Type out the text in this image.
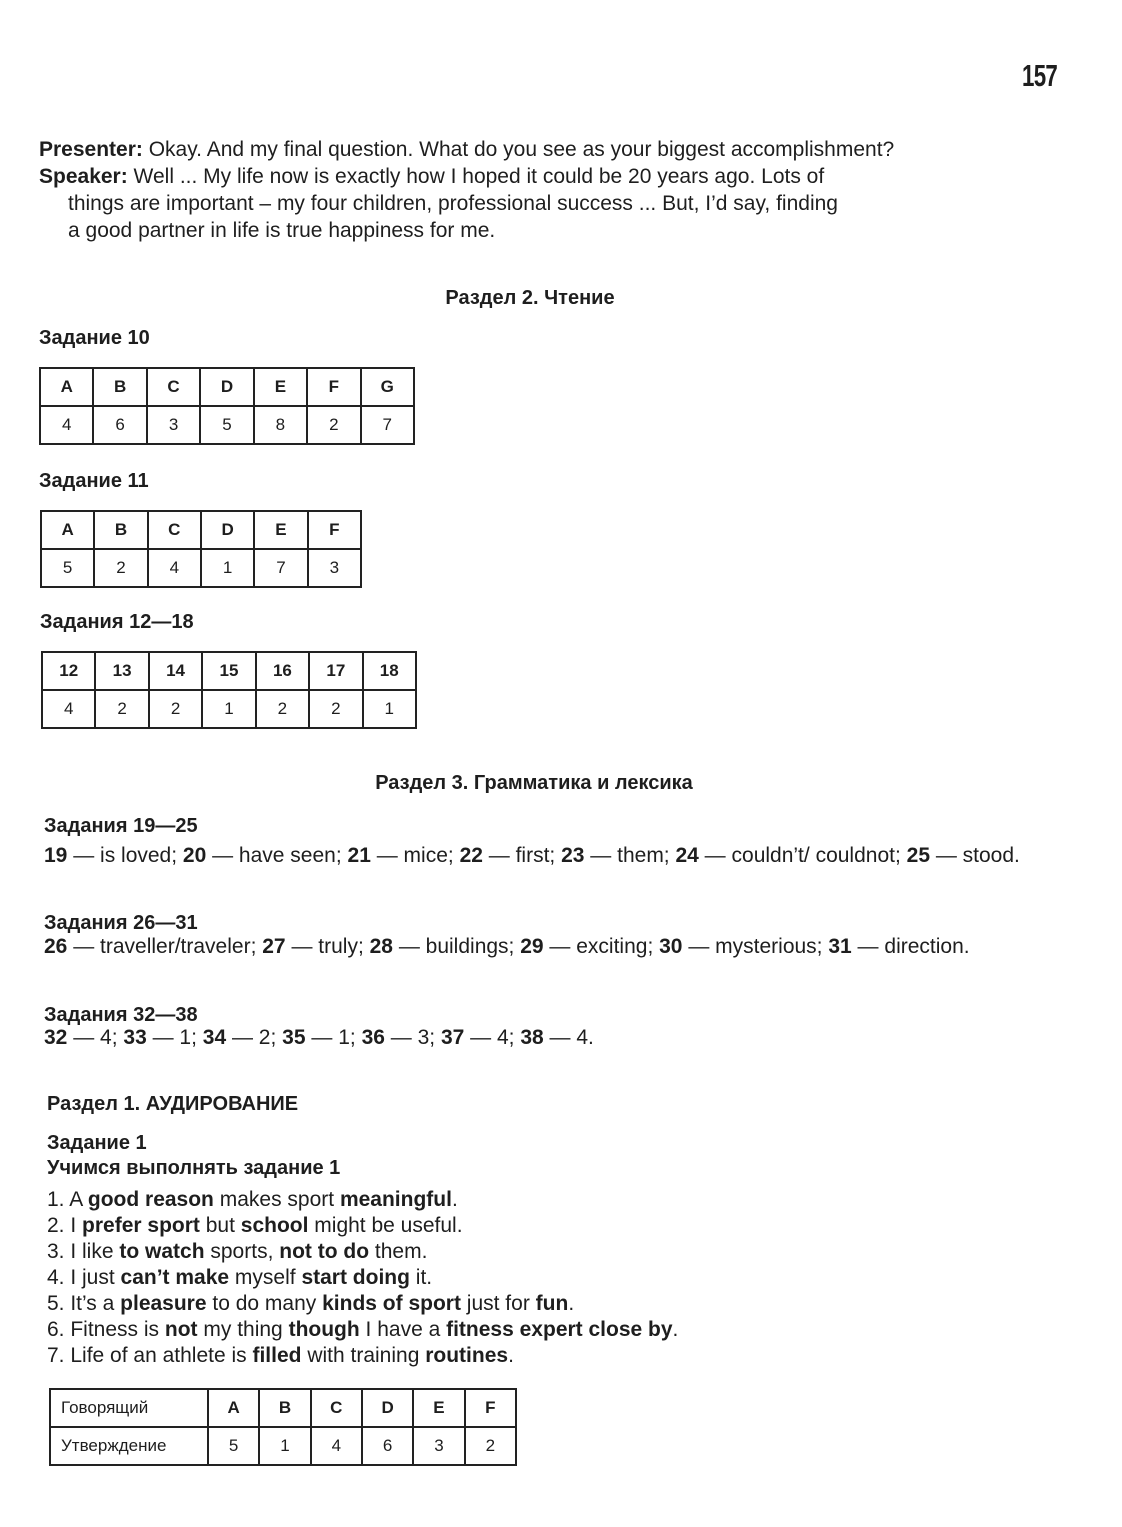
157
Presenter: Okay. And my final question. What do you see as your biggest accomplishment?
Speaker: Well ... My life now is exactly how I hoped it could be 20 years ago. Lots of
things are important – my four children, professional success ... But, I’d say, finding
a good partner in life is true happiness for me.
Раздел 2. Чтение
Задание 10
A	B	C	D	E	F	G
4	6	3	5	8	2	7
Задание 11
A	B	C	D	E	F
5	2	4	1	7	3
Задания 12—18
12	13	14	15	16	17	18
4	2	2	1	2	2	1
Раздел 3. Грамматика и лексика
Задания 19—25
19 — is loved; 20 — have seen; 21 — mice; 22 — first; 23 — them; 24 — couldn’t/ couldnot; 25 — stood.
Задания 26—31
26 — traveller/traveler; 27 — truly; 28 — buildings; 29 — exciting; 30 — mysterious; 31 — direction.
Задания 32—38
32 — 4; 33 — 1; 34 — 2; 35 — 1; 36 — 3; 37 — 4; 38 — 4.
Раздел 1. АУДИРОВАНИЕ
Задание 1
Учимся выполнять задание 1
1. A good reason makes sport meaningful.
2. I prefer sport but school might be useful.
3. I like to watch sports, not to do them.
4. I just can’t make myself start doing it.
5. It’s a pleasure to do many kinds of sport just for fun.
6. Fitness is not my thing though I have a fitness expert close by.
7. Life of an athlete is filled with training routines.
Говорящий	A	B	C	D	E	F
Утверждение	5	1	4	6	3	2
